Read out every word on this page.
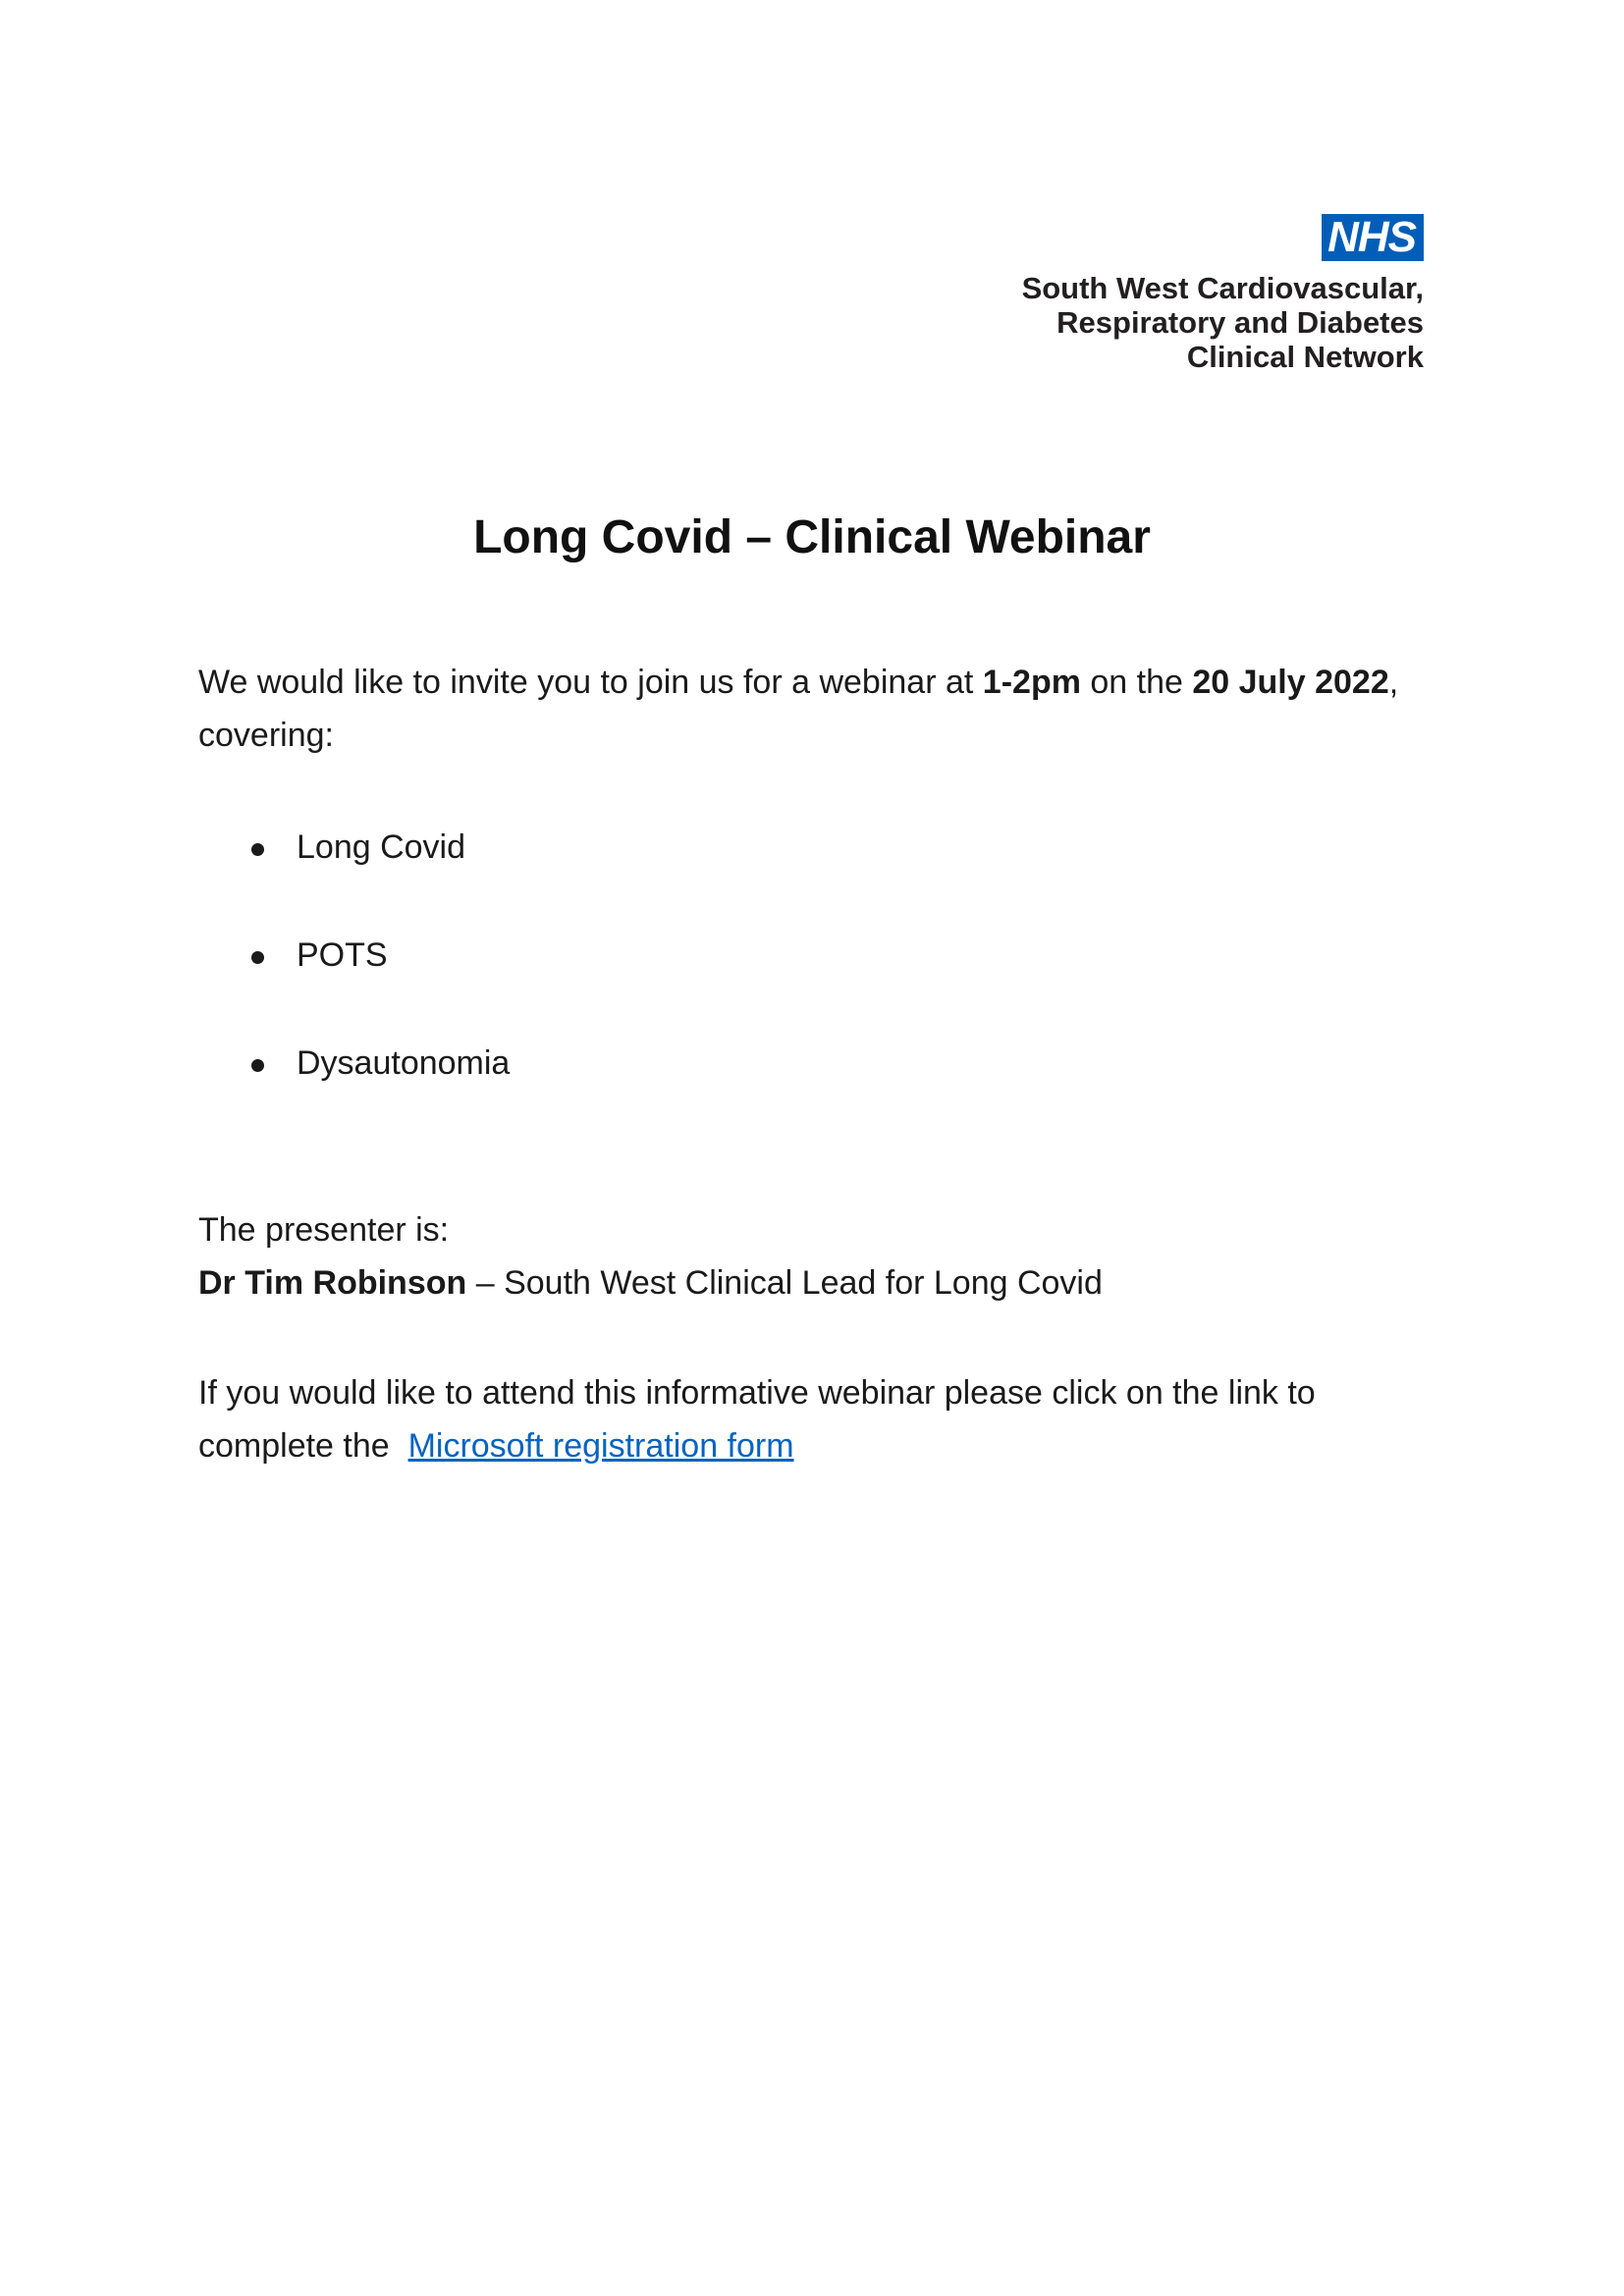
NHS
South West Cardiovascular,
Respiratory and Diabetes
Clinical Network
Long Covid – Clinical Webinar
We would like to invite you to join us for a webinar at 1-2pm on the 20 July 2022, covering:
Long Covid
POTS
Dysautonomia
The presenter is:
Dr Tim Robinson – South West Clinical Lead for Long Covid
If you would like to attend this informative webinar please click on the link to complete the  Microsoft registration form
